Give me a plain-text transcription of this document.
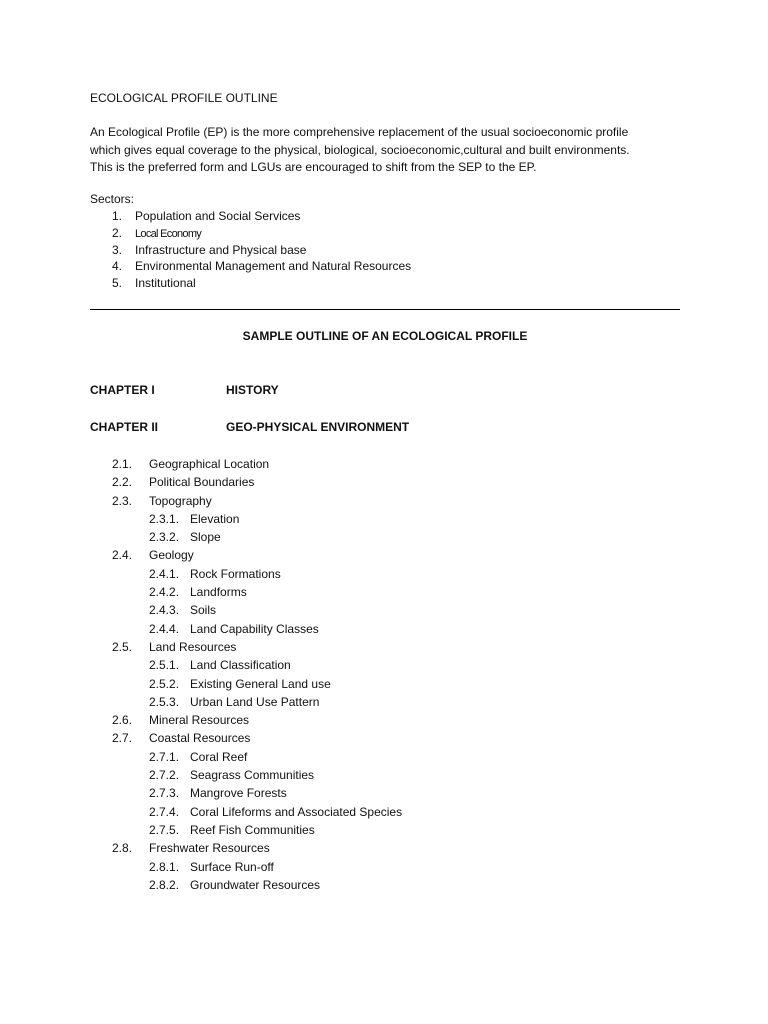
ECOLOGICAL PROFILE OUTLINE
An Ecological Profile (EP) is the more comprehensive replacement of the usual socioeconomic profile
which gives equal coverage to the physical, biological, socioeconomic,cultural and built environments.
This is the preferred form and LGUs are encouraged to shift from the SEP to the EP.
Sectors:
1. Population and Social Services
2. Local Economy
3. Infrastructure and Physical base
4. Environmental Management and Natural Resources
5. Institutional
SAMPLE OUTLINE OF AN ECOLOGICAL PROFILE
CHAPTER I	HISTORY
CHAPTER II	GEO-PHYSICAL ENVIRONMENT
2.1. Geographical Location
2.2. Political Boundaries
2.3. Topography
2.3.1. Elevation
2.3.2. Slope
2.4. Geology
2.4.1. Rock Formations
2.4.2. Landforms
2.4.3. Soils
2.4.4. Land Capability Classes
2.5. Land Resources
2.5.1. Land Classification
2.5.2. Existing General Land use
2.5.3. Urban Land Use Pattern
2.6. Mineral Resources
2.7. Coastal Resources
2.7.1. Coral Reef
2.7.2. Seagrass Communities
2.7.3. Mangrove Forests
2.7.4. Coral Lifeforms and Associated Species
2.7.5. Reef Fish Communities
2.8. Freshwater Resources
2.8.1. Surface Run-off
2.8.2. Groundwater Resources
